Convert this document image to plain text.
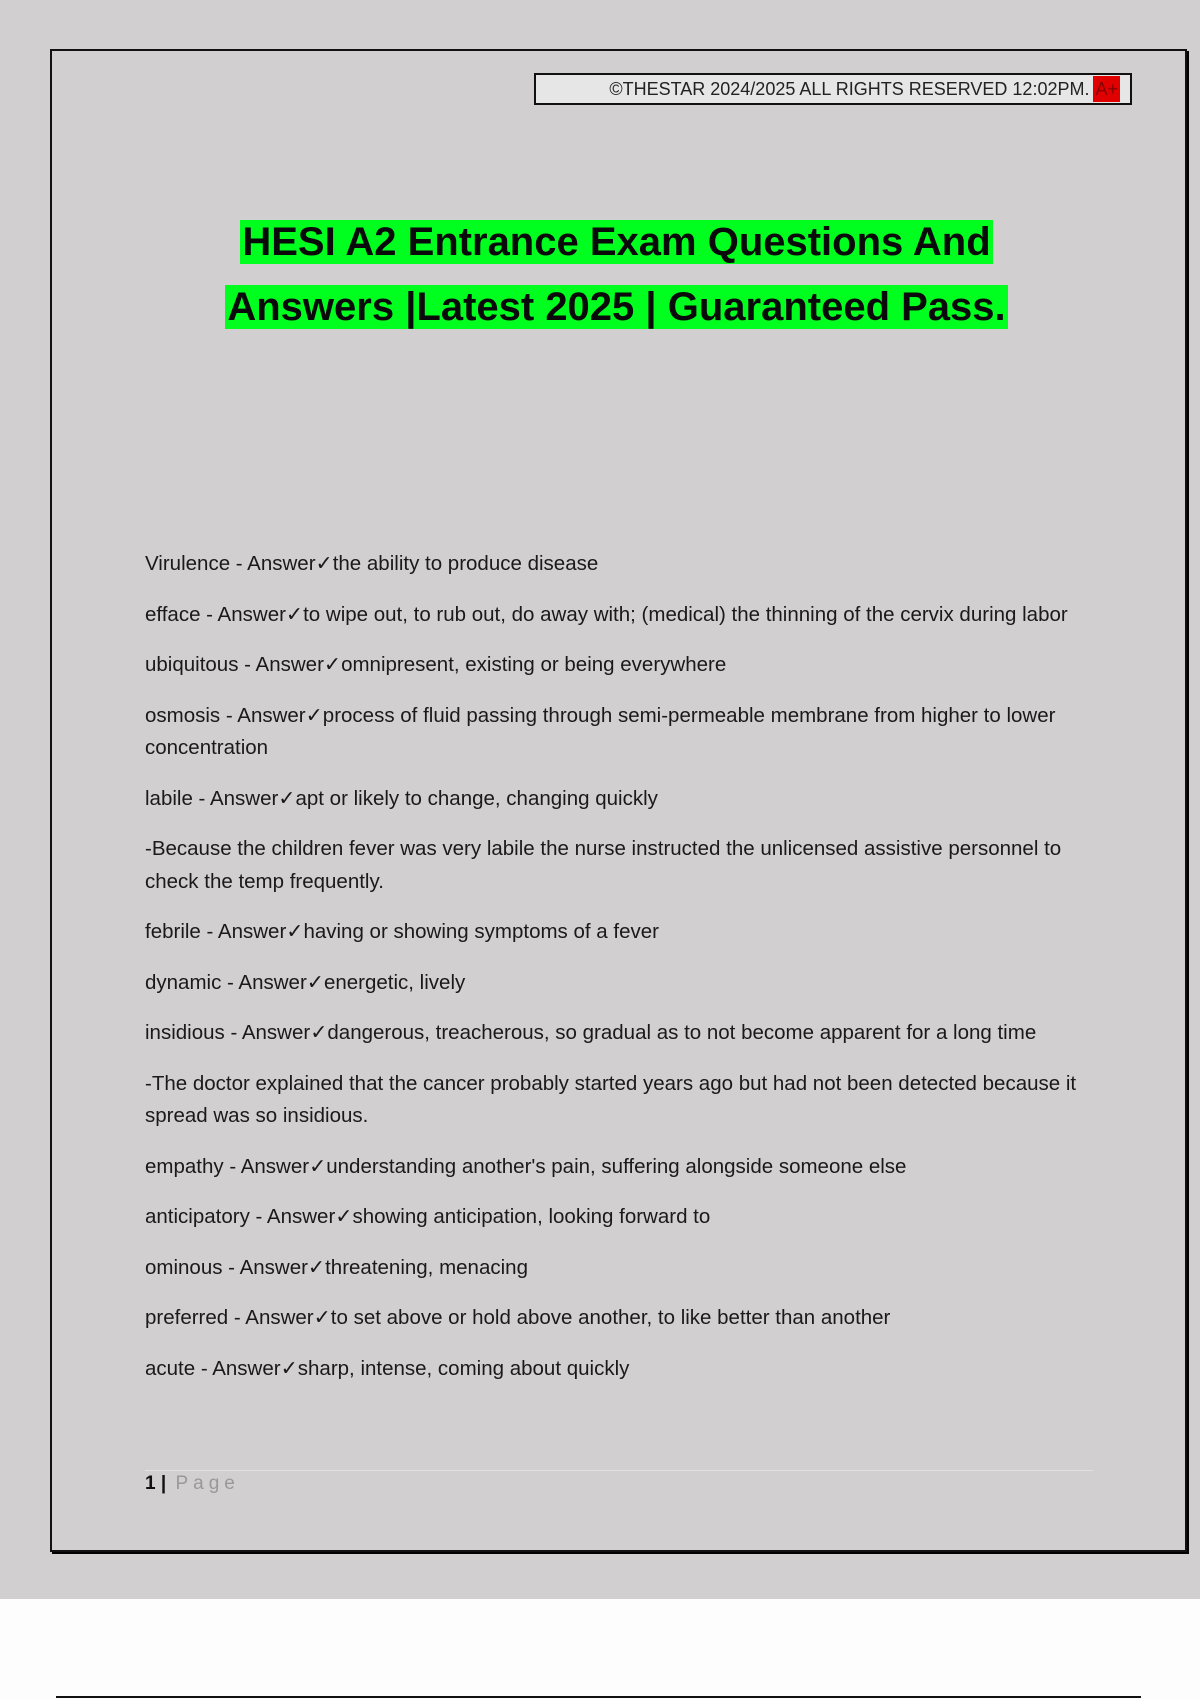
©THESTAR 2024/2025 ALL RIGHTS RESERVED 12:02PM. A+
HESI A2 Entrance Exam Questions And
Answers |Latest 2025 | Guaranteed Pass.

Virulence - Answer✓the ability to produce disease

efface - Answer✓to wipe out, to rub out, do away with; (medical) the thinning of the cervix during labor

ubiquitous - Answer✓omnipresent, existing or being everywhere

osmosis - Answer✓process of fluid passing through semi-permeable membrane from higher to lower concentration

labile - Answer✓apt or likely to change, changing quickly

-Because the children fever was very labile the nurse instructed the unlicensed assistive personnel to check the temp frequently.

febrile - Answer✓having or showing symptoms of a fever

dynamic - Answer✓energetic, lively

insidious - Answer✓dangerous, treacherous, so gradual as to not become apparent for a long time

-The doctor explained that the cancer probably started years ago but had not been detected because it spread was so insidious.

empathy - Answer✓understanding another's pain, suffering alongside someone else

anticipatory - Answer✓showing anticipation, looking forward to

ominous - Answer✓threatening, menacing

preferred - Answer✓to set above or hold above another, to like better than another

acute - Answer✓sharp, intense, coming about quickly

1 | Page
